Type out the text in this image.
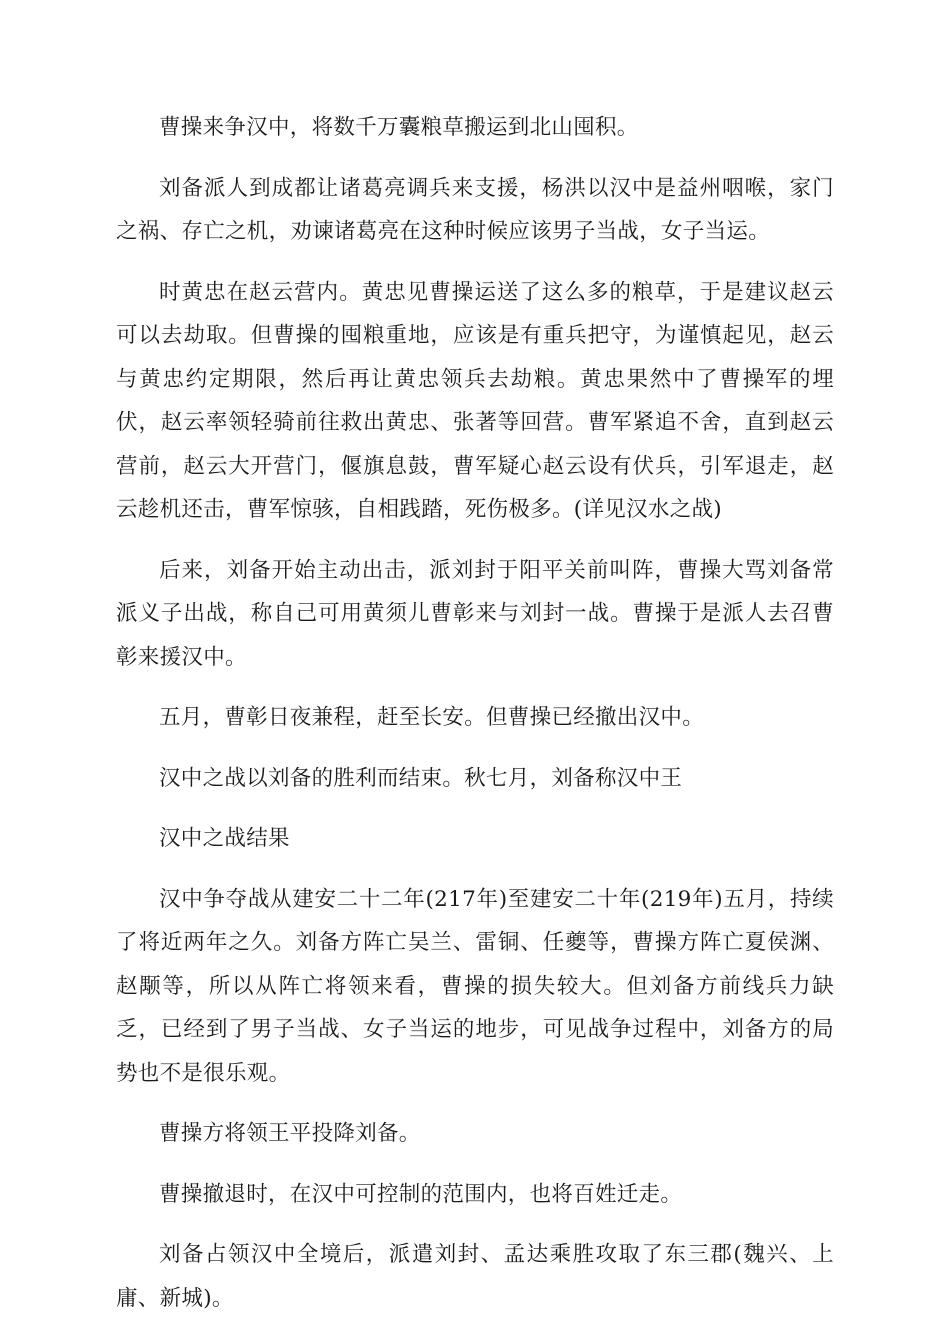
曹操来争汉中，将数千万囊粮草搬运到北山囤积。

刘备派人到成都让诸葛亮调兵来支援，杨洪以汉中是益州咽喉，家门之祸、存亡之机，劝谏诸葛亮在这种时候应该男子当战，女子当运。

时黄忠在赵云营内。黄忠见曹操运送了这么多的粮草，于是建议赵云可以去劫取。但曹操的囤粮重地，应该是有重兵把守，为谨慎起见，赵云与黄忠约定期限，然后再让黄忠领兵去劫粮。黄忠果然中了曹操军的埋伏，赵云率领轻骑前往救出黄忠、张著等回营。曹军紧追不舍，直到赵云营前，赵云大开营门，偃旗息鼓，曹军疑心赵云设有伏兵，引军退走，赵云趁机还击，曹军惊骇，自相践踏，死伤极多。(详见汉水之战)

后来，刘备开始主动出击，派刘封于阳平关前叫阵，曹操大骂刘备常派义子出战，称自己可用黄须儿曹彰来与刘封一战。曹操于是派人去召曹彰来援汉中。

五月，曹彰日夜兼程，赶至长安。但曹操已经撤出汉中。

汉中之战以刘备的胜利而结束。秋七月，刘备称汉中王

汉中之战结果

汉中争夺战从建安二十二年(217年)至建安二十年(219年)五月，持续了将近两年之久。刘备方阵亡吴兰、雷铜、任夔等，曹操方阵亡夏侯渊、赵颙等，所以从阵亡将领来看，曹操的损失较大。但刘备方前线兵力缺乏，已经到了男子当战、女子当运的地步，可见战争过程中，刘备方的局势也不是很乐观。

曹操方将领王平投降刘备。

曹操撤退时，在汉中可控制的范围内，也将百姓迁走。

刘备占领汉中全境后，派遣刘封、孟达乘胜攻取了东三郡(魏兴、上庸、新城)。
